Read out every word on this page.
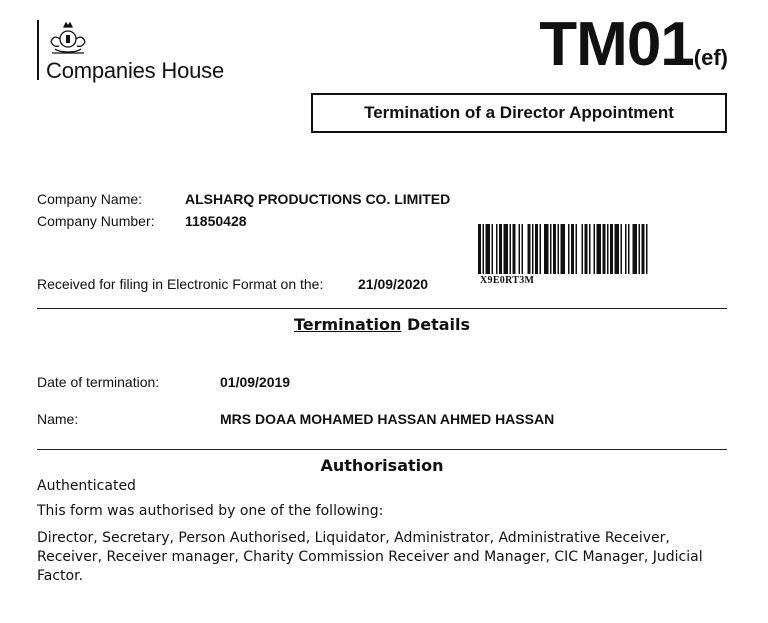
Companies House	TM01(ef)
Termination of a Director Appointment
Company Name:	ALSHARQ PRODUCTIONS CO. LIMITED
Company Number: 11850428
Received for filing in Electronic Format on the: 21/09/2020	X9E0RT3M
Termination Details
Date of termination:	01/09/2019
Name:	MRS DOAA MOHAMED HASSAN AHMED HASSAN
Authorisation
Authenticated
This form was authorised by one of the following:
Director, Secretary, Person Authorised, Liquidator, Administrator, Administrative Receiver, Receiver, Receiver manager, Charity Commission Receiver and Manager, CIC Manager, Judicial Factor.
